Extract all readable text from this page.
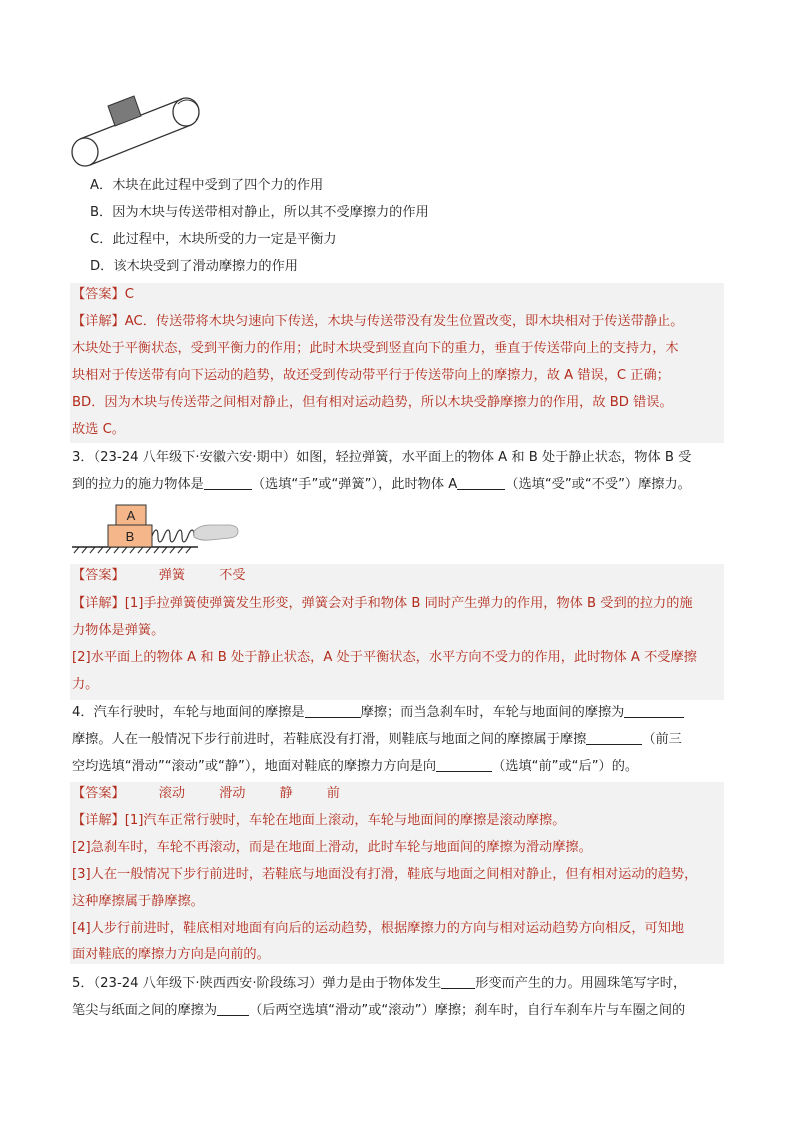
A．木块在此过程中受到了四个力的作用
B．因为木块与传送带相对静止，所以其不受摩擦力的作用
C．此过程中，木块所受的力一定是平衡力
D．该木块受到了滑动摩擦力的作用
【答案】C
【详解】AC．传送带将木块匀速向下传送，木块与传送带没有发生位置改变，即木块相对于传送带静止。
木块处于平衡状态，受到平衡力的作用；此时木块受到竖直向下的重力，垂直于传送带向上的支持力，木
块相对于传送带有向下运动的趋势，故还受到传动带平行于传送带向上的摩擦力，故 A 错误，C 正确；
BD．因为木块与传送带之间相对静止，但有相对运动趋势，所以木块受静摩擦力的作用，故 BD 错误。
故选 C。
3．（23-24 八年级下·安徽六安·期中）如图，轻拉弹簧，水平面上的物体 A 和 B 处于静止状态，物体 B 受
到的拉力的施力物体是	（选填“手”或“弹簧”），此时物体 A	（选填“受”或“不受”）摩擦力。
A
B
【答案】	弹簧	不受
【详解】[1]手拉弹簧使弹簧发生形变，弹簧会对手和物体 B 同时产生弹力的作用，物体 B 受到的拉力的施
力物体是弹簧。
[2]水平面上的物体 A 和 B 处于静止状态，A 处于平衡状态，水平方向不受力的作用，此时物体 A 不受摩擦
力。
4．汽车行驶时，车轮与地面间的摩擦是	摩擦；而当急刹车时，车轮与地面间的摩擦为
摩擦。人在一般情况下步行前进时，若鞋底没有打滑，则鞋底与地面之间的摩擦属于摩擦	（前三
空均选填“滑动”“滚动”或“静”），地面对鞋底的摩擦力方向是向	（选填“前”或“后”）的。
【答案】	滚动	滑动	静	前
【详解】[1]汽车正常行驶时，车轮在地面上滚动，车轮与地面间的摩擦是滚动摩擦。
[2]急刹车时，车轮不再滚动，而是在地面上滑动，此时车轮与地面间的摩擦为滑动摩擦。
[3]人在一般情况下步行前进时，若鞋底与地面没有打滑，鞋底与地面之间相对静止，但有相对运动的趋势，
这种摩擦属于静摩擦。
[4]人步行前进时，鞋底相对地面有向后的运动趋势，根据摩擦力的方向与相对运动趋势方向相反，可知地
面对鞋底的摩擦力方向是向前的。
5．（23-24 八年级下·陕西西安·阶段练习）弹力是由于物体发生	形变而产生的力。用圆珠笔写字时，
笔尖与纸面之间的摩擦为 （后两空选填“滑动”或“滚动”）摩擦；刹车时，自行车刹车片与车圈之间的
